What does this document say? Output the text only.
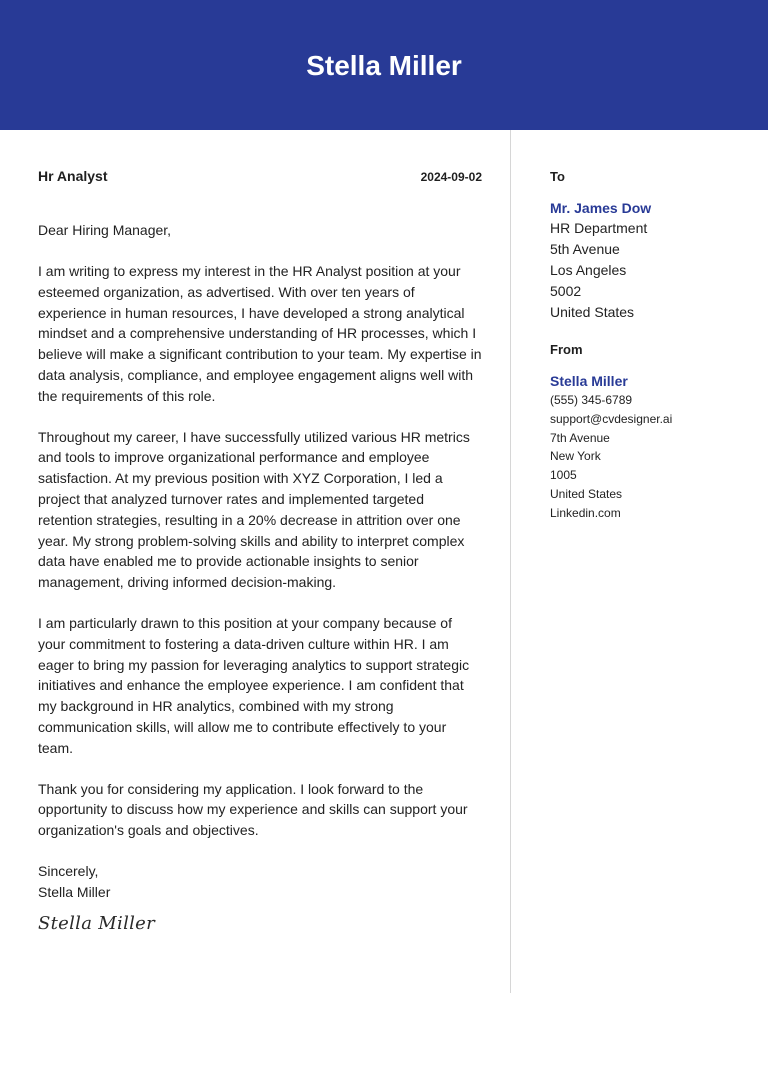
Stella Miller
Hr Analyst	2024-09-02
Dear Hiring Manager,
I am writing to express my interest in the HR Analyst position at your esteemed organization, as advertised. With over ten years of experience in human resources, I have developed a strong analytical mindset and a comprehensive understanding of HR processes, which I believe will make a significant contribution to your team. My expertise in data analysis, compliance, and employee engagement aligns well with the requirements of this role.
Throughout my career, I have successfully utilized various HR metrics and tools to improve organizational performance and employee satisfaction. At my previous position with XYZ Corporation, I led a project that analyzed turnover rates and implemented targeted retention strategies, resulting in a 20% decrease in attrition over one year. My strong problem-solving skills and ability to interpret complex data have enabled me to provide actionable insights to senior management, driving informed decision-making.
I am particularly drawn to this position at your company because of your commitment to fostering a data-driven culture within HR. I am eager to bring my passion for leveraging analytics to support strategic initiatives and enhance the employee experience. I am confident that my background in HR analytics, combined with my strong communication skills, will allow me to contribute effectively to your team.
Thank you for considering my application. I look forward to the opportunity to discuss how my experience and skills can support your organization's goals and objectives.
Sincerely,
Stella Miller
Stella Miller
To
Mr. James Dow
HR Department
5th Avenue
Los Angeles
5002
United States
From
Stella Miller
(555) 345-6789
support@cvdesigner.ai
7th Avenue
New York
1005
United States
Linkedin.com
